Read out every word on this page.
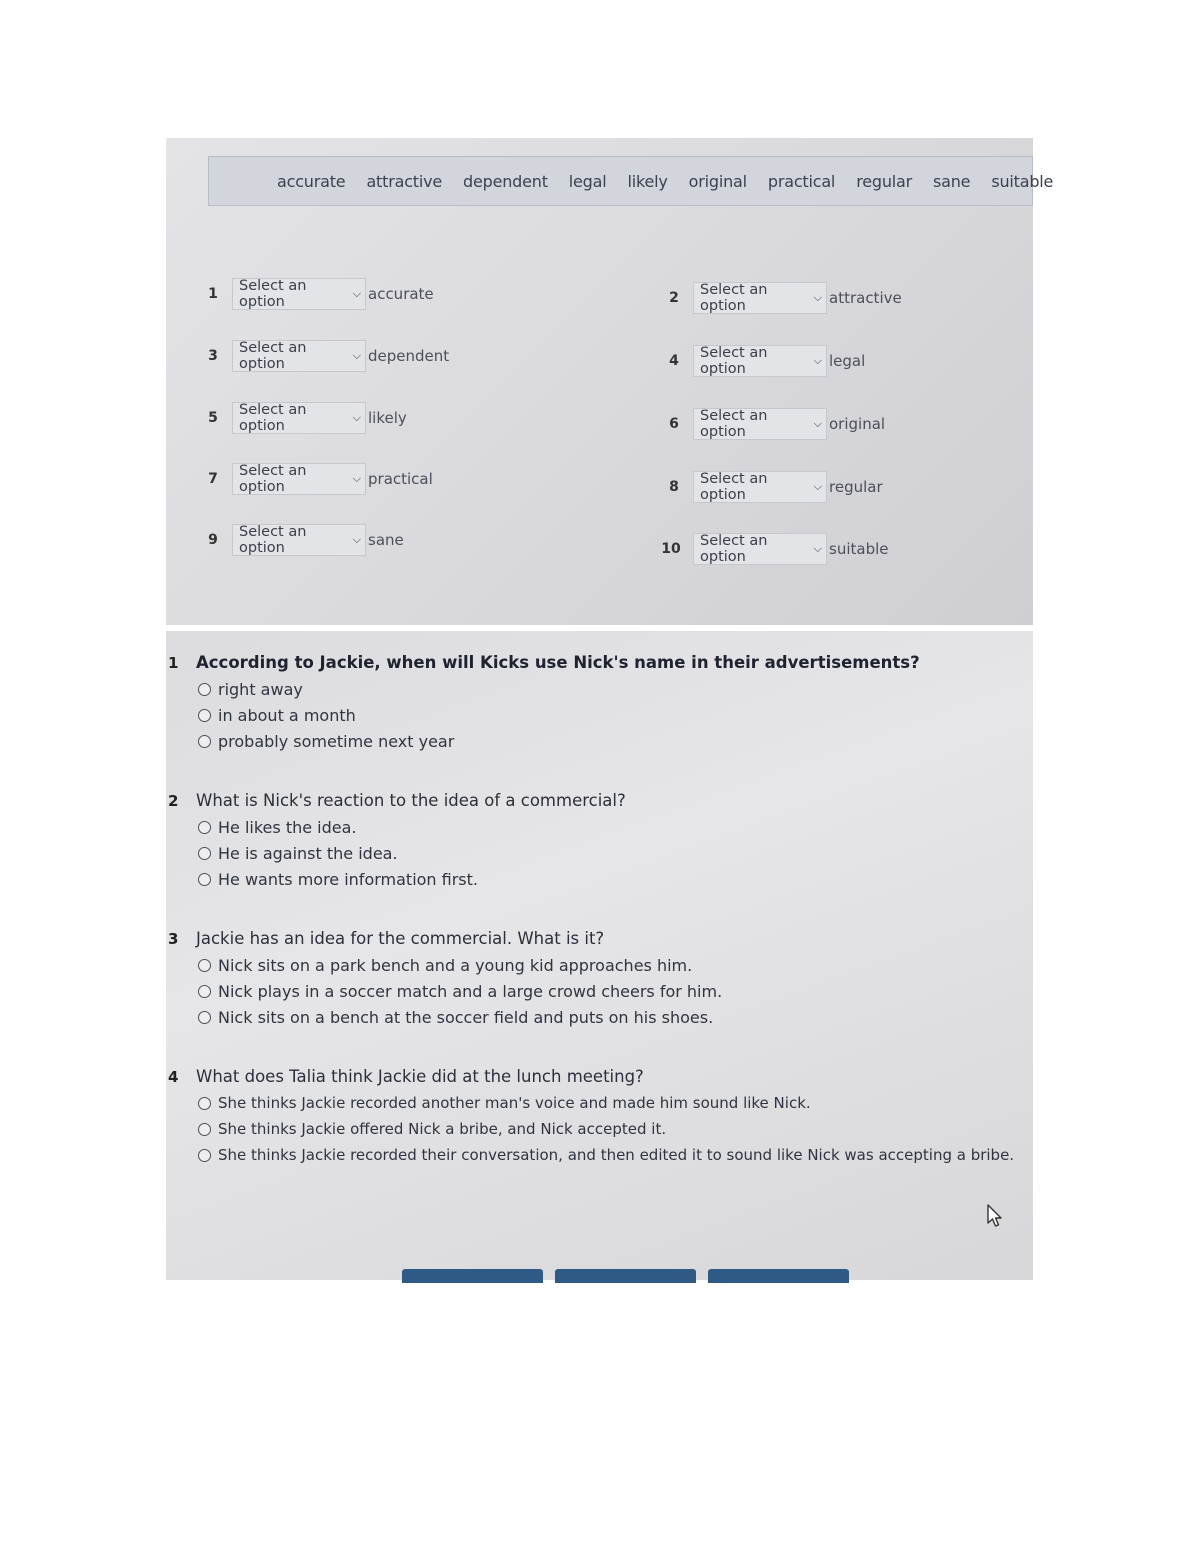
accurate attractive dependent legal likely original practical regular sane suitable
1	Select an option
⌵ accurate
3	Select an option
⌵ dependent
5	Select an option
⌵ likely
7	Select an option
⌵ practical
9	Select an option
⌵ sane
2	Select an option
⌵ attractive
4	Select an option
⌵ legal
6	Select an option
⌵ original
8	Select an option
⌵ regular
10 Select an option
⌵ suitable
1	According to Jackie, when will Kicks use Nick's name in their advertisements?
right away
in about a month
probably sometime next year
2	What is Nick's reaction to the idea of a commercial?
He likes the idea.
He is against the idea.
He wants more information first.
3	Jackie has an idea for the commercial. What is it?
Nick sits on a park bench and a young kid approaches him.
Nick plays in a soccer match and a large crowd cheers for him.
Nick sits on a bench at the soccer field and puts on his shoes.
4	What does Talia think Jackie did at the lunch meeting?
She thinks Jackie recorded another man's voice and made him sound like Nick.
She thinks Jackie offered Nick a bribe, and Nick accepted it.
She thinks Jackie recorded their conversation, and then edited it to sound like Nick was accepting a bribe.
